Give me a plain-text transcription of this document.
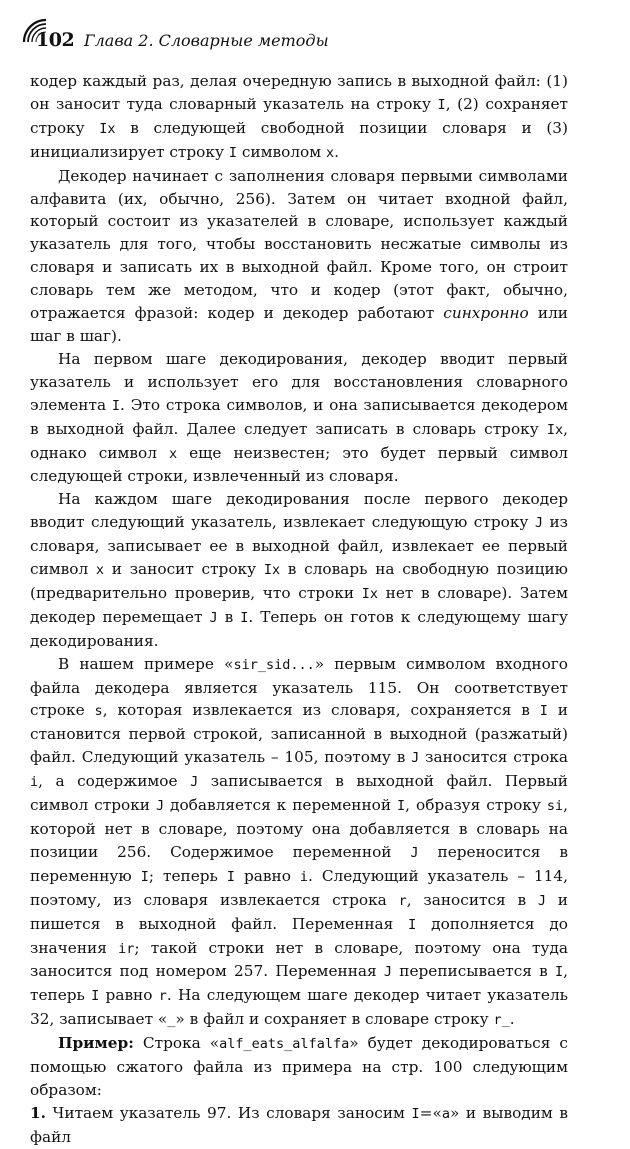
102 Глава 2. Словарные методы

кодер каждый раз, делая очередную запись в выходной файл: (1) он заносит туда словарный указатель на строку I, (2) сохраняет строку Ix в следующей свободной позиции словаря и (3) инициализирует строку I символом x.

Декодер начинает с заполнения словаря первыми символами алфавита (их, обычно, 256). Затем он читает входной файл, который состоит из указателей в словаре, использует каждый указатель для того, чтобы восстановить несжатые символы из словаря и записать их в выходной файл. Кроме того, он строит словарь тем же методом, что и кодер (этот факт, обычно, отражается фразой: кодер и декодер работают синхронно или шаг в шаг).

На первом шаге декодирования, декодер вводит первый указатель и использует его для восстановления словарного элемента I. Это строка символов, и она записывается декодером в выходной файл. Далее следует записать в словарь строку Ix, однако символ x еще неизвестен; это будет первый символ следующей строки, извлеченный из словаря.

На каждом шаге декодирования после первого декодер вводит следующий указатель, извлекает следующую строку J из словаря, записывает ее в выходной файл, извлекает ее первый символ x и заносит строку Ix в словарь на свободную позицию (предварительно проверив, что строки Ix нет в словаре). Затем декодер перемещает J в I. Теперь он готов к следующему шагу декодирования.

В нашем примере «sir_sid...» первым символом входного файла декодера является указатель 115. Он соответствует строке s, которая извлекается из словаря, сохраняется в I и становится первой строкой, записанной в выходной (разжатый) файл. Следующий указатель – 105, поэтому в J заносится строка i, а содержимое J записывается в выходной файл. Первый символ строки J добавляется к переменной I, образуя строку si, которой нет в словаре, поэтому она добавляется в словарь на позиции 256. Содержимое переменной J переносится в переменную I; теперь I равно i. Следующий указатель – 114, поэтому, из словаря извлекается строка r, заносится в J и пишется в выходной файл. Переменная I дополняется до значения ir; такой строки нет в словаре, поэтому она туда заносится под номером 257. Переменная J переписывается в I, теперь I равно r. На следующем шаге декодер читает указатель 32, записывает «_» в файл и сохраняет в словаре строку r_.

Пример: Строка «alf_eats_alfalfa» будет декодироваться с помощью сжатого файла из примера на стр. 100 следующим образом:

1. Читаем указатель 97. Из словаря заносим I=«a» и выводим в файл
